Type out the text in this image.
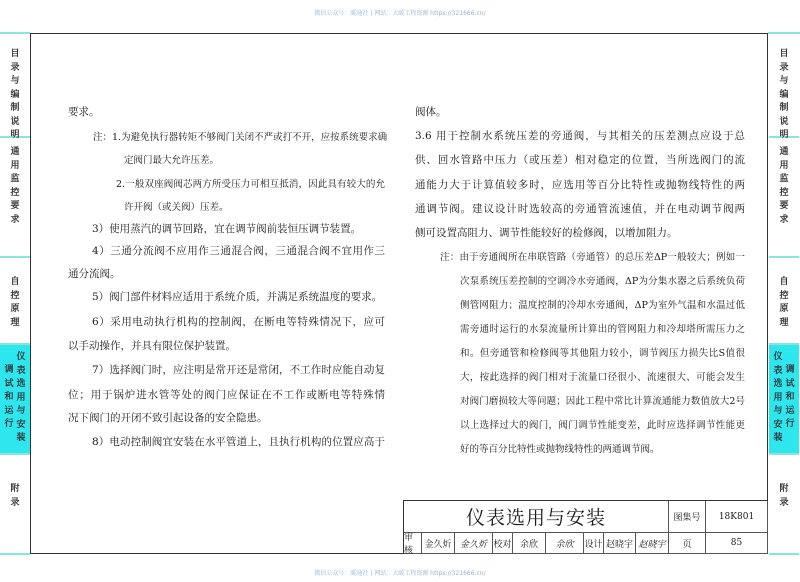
微信公众号：暖通社 | 网站：大暖工程资源 https://321666.cn/
微信公众号：暖通社 | 网站：大暖工程资源 https://321666.cn/
目录与编制说明
通用监控要求
自控原理
调试和运行
仪表选用与安装
附录
目录与编制说明
通用监控要求
自控原理
仪表选用与安装
调试和运行
附录
要求。
注：1.为避免执行器转矩不够阀门关闭不严或打不开，应按系统要求确
定阀门最大允许压差。
2.一般双座阀阀芯两方所受压力可相互抵消，因此具有较大的允
许开阀（或关阀）压差。
3）使用蒸汽的调节回路，宜在调节阀前装恒压调节装置。
4）三通分流阀不应用作三通混合阀，三通混合阀不宜用作三
通分流阀。
5）阀门部件材料应适用于系统介质，并满足系统温度的要求。
6）采用电动执行机构的控制阀，在断电等特殊情况下，应可
以手动操作，并具有限位保护装置。
7）选择阀门时，应注明是常开还是常闭，不工作时应能自动复
位；用于锅炉进水管等处的阀门应保证在不工作或断电等特殊情
况下阀门的开闭不致引起设备的安全隐患。
8）电动控制阀宜安装在水平管道上，且执行机构的位置应高于
阀体。
3.6 用于控制水系统压差的旁通阀，与其相关的压差测点应设于总
供、回水管路中压力（或压差）相对稳定的位置，当所选阀门的流
通能力大于计算值较多时，应选用等百分比特性或抛物线特性的两
通调节阀。建议设计时选较高的旁通管流速值，并在电动调节阀两
侧可设置高阻力、调节性能较好的检修阀，以增加阻力。
注：由于旁通阀所在串联管路（旁通管）的总压差ΔP一般较大；例如一
次泵系统压差控制的空调冷水旁通阀，ΔP为分集水器之后系统负荷
侧管网阻力；温度控制的冷却水旁通阀，ΔP为室外气温和水温过低
需旁通时运行的水泵流量所计算出的管网阻力和冷却塔所需压力之
和。但旁通管和检修阀等其他阻力较小，调节阀压力损失比S值很
大，按此选择的阀门相对于流量口径很小、流速很大、可能会发生
对阀门磨损较大等问题；因此工程中常比计算流通能力数值放大2号
以上选择过大的阀门，阀门调节性能变差，此时应选择调节性能更
好的等百分比特性或抛物线特性的两通调节阀。
仪表选用与安装	图集号	18K801
审核
金久炘 金久炘 校对 余欣	余欣	设计 赵晓宇 赵晓宇	页	85
